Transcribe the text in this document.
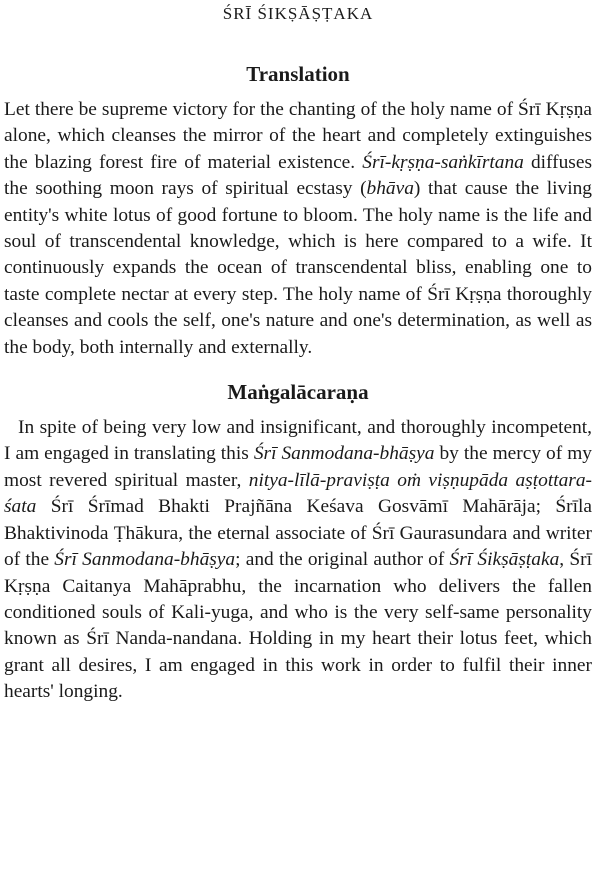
ŚRĪ ŚIKṢĀṢṬAKA
Translation

Let there be supreme victory for the chanting of the holy name of Śrī Kṛṣṇa alone, which cleanses the mirror of the heart and completely extinguishes the blazing forest fire of material existence. Śrī-kṛṣṇa-saṅkīrtana diffuses the soothing moon rays of spiritual ecstasy (bhāva) that cause the living entity's white lotus of good fortune to bloom. The holy name is the life and soul of transcendental knowledge, which is here compared to a wife. It continuously expands the ocean of transcendental bliss, enabling one to taste complete nectar at every step. The holy name of Śrī Kṛṣṇa thoroughly cleanses and cools the self, one's nature and one's determination, as well as the body, both internally and externally.

Maṅgalācaraṇa

In spite of being very low and insignificant, and thoroughly incompetent, I am engaged in translating this Śrī Sanmodana-bhāṣya by the mercy of my most revered spiritual master, nitya-līlā-praviṣṭa oṁ viṣṇupāda aṣṭottara-śata Śrī Śrīmad Bhakti Prajñāna Keśava Gosvāmī Mahārāja; Śrīla Bhaktivinoda Ṭhākura, the eternal associate of Śrī Gaurasundara and writer of the Śrī Sanmodana-bhāṣya; and the original author of Śrī Śikṣāṣṭaka, Śrī Kṛṣṇa Caitanya Mahāprabhu, the incarnation who delivers the fallen conditioned souls of Kali-yuga, and who is the very self-same personality known as Śrī Nanda-nandana. Holding in my heart their lotus feet, which grant all desires, I am engaged in this work in order to fulfil their inner hearts' longing.
